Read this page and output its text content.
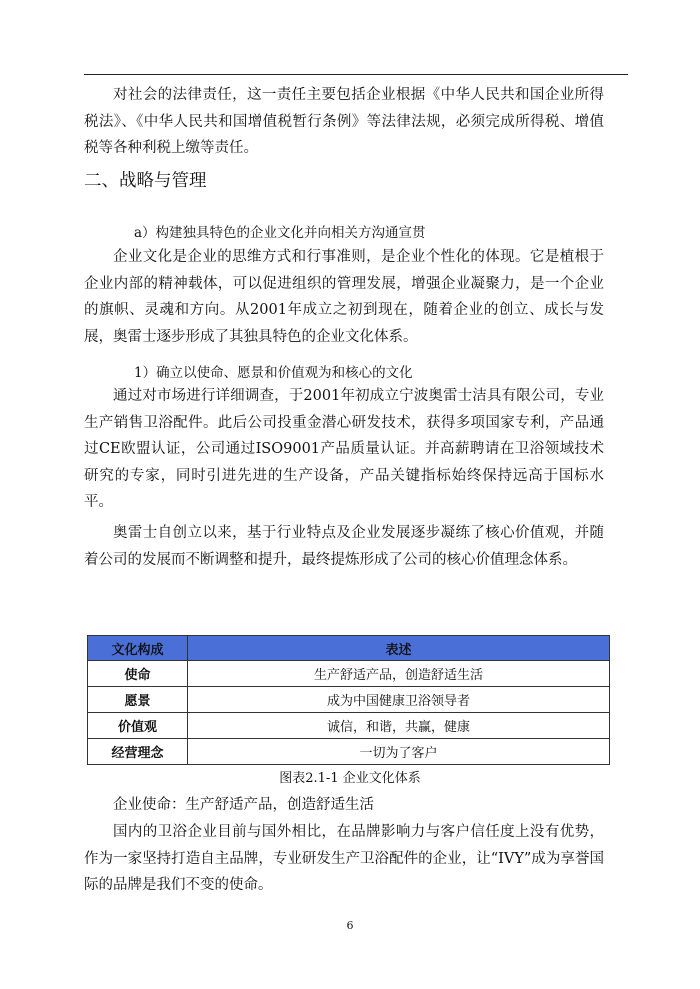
对社会的法律责任，这一责任主要包括企业根据《中华人民共和国企业所得税法》、《中华人民共和国增值税暂行条例》等法律法规，必须完成所得税、增值税等各种利税上缴等责任。

二、战略与管理
a）构建独具特色的企业文化并向相关方沟通宣贯

企业文化是企业的思维方式和行事准则，是企业个性化的体现。它是植根于企业内部的精神载体，可以促进组织的管理发展，增强企业凝聚力，是一个企业的旗帜、灵魂和方向。从2001年成立之初到现在，随着企业的创立、成长与发展，奥雷士逐步形成了其独具特色的企业文化体系。

1）确立以使命、愿景和价值观为和核心的文化

通过对市场进行详细调查，于2001年初成立宁波奥雷士洁具有限公司，专业生产销售卫浴配件。此后公司投重金潜心研发技术，获得多项国家专利，产品通过CE欧盟认证，公司通过ISO9001产品质量认证。并高薪聘请在卫浴领域技术研究的专家，同时引进先进的生产设备，产品关键指标始终保持远高于国标水平。

奥雷士自创立以来，基于行业特点及企业发展逐步凝练了核心价值观，并随着公司的发展而不断调整和提升，最终提炼形成了公司的核心价值理念体系。

文化构成	表述
使命	生产舒适产品，创造舒适生活
愿景	成为中国健康卫浴领导者
价值观	诚信，和谐，共赢，健康
经营理念	一切为了客户
图表2.1-1 企业文化体系

企业使命：生产舒适产品，创造舒适生活

国内的卫浴企业目前与国外相比，在品牌影响力与客户信任度上没有优势，作为一家坚持打造自主品牌，专业研发生产卫浴配件的企业，让“IVY”成为享誉国际的品牌是我们不变的使命。

6
